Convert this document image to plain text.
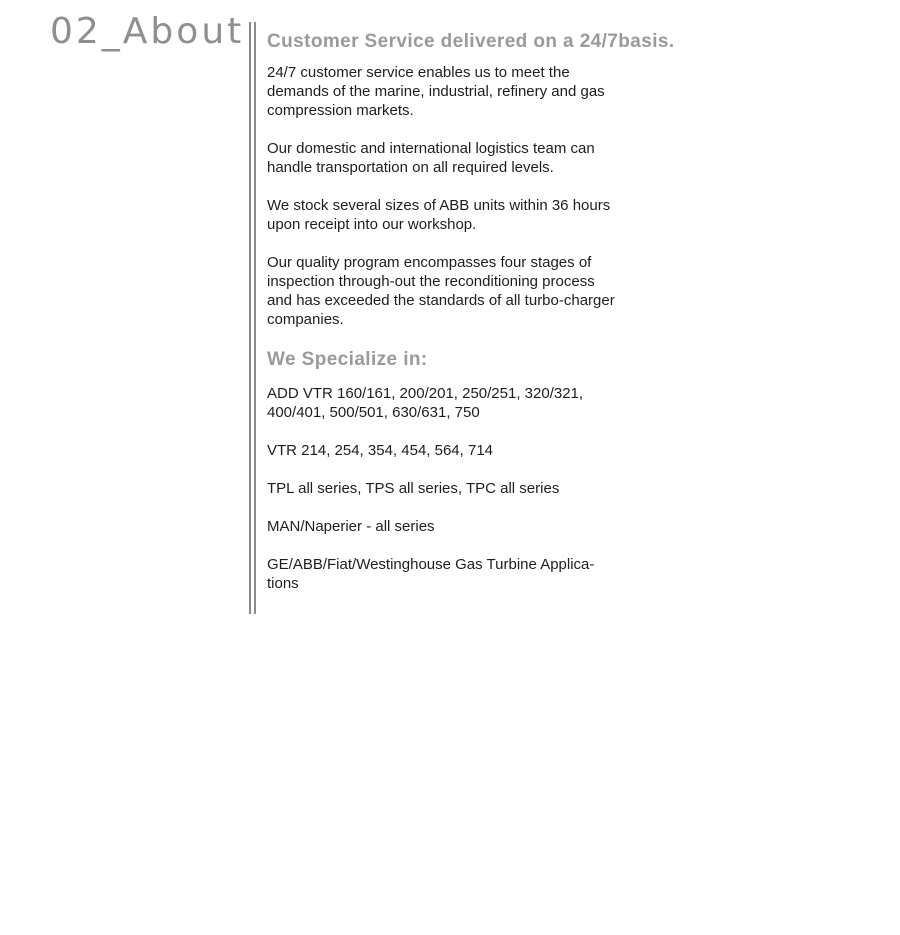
02_About Customer Service delivered on a 24/7basis.

24/7 customer service enables us to meet the demands of the marine, industrial, refinery and gas compression markets.

Our domestic and international logistics team can handle transportation on all required levels.

We stock several sizes of ABB units within 36 hours upon receipt into our workshop.

Our quality program encompasses four stages of inspection through-out the reconditioning process and has exceeded the standards of all turbo-charger companies.

We Specialize in:

ADD VTR 160/161, 200/201, 250/251, 320/321, 400/401, 500/501, 630/631, 750

VTR 214, 254, 354, 454, 564, 714

TPL all series, TPS all series, TPC all series

MAN/Naperier - all series

GE/ABB/Fiat/Westinghouse Gas Turbine Applica-tions
